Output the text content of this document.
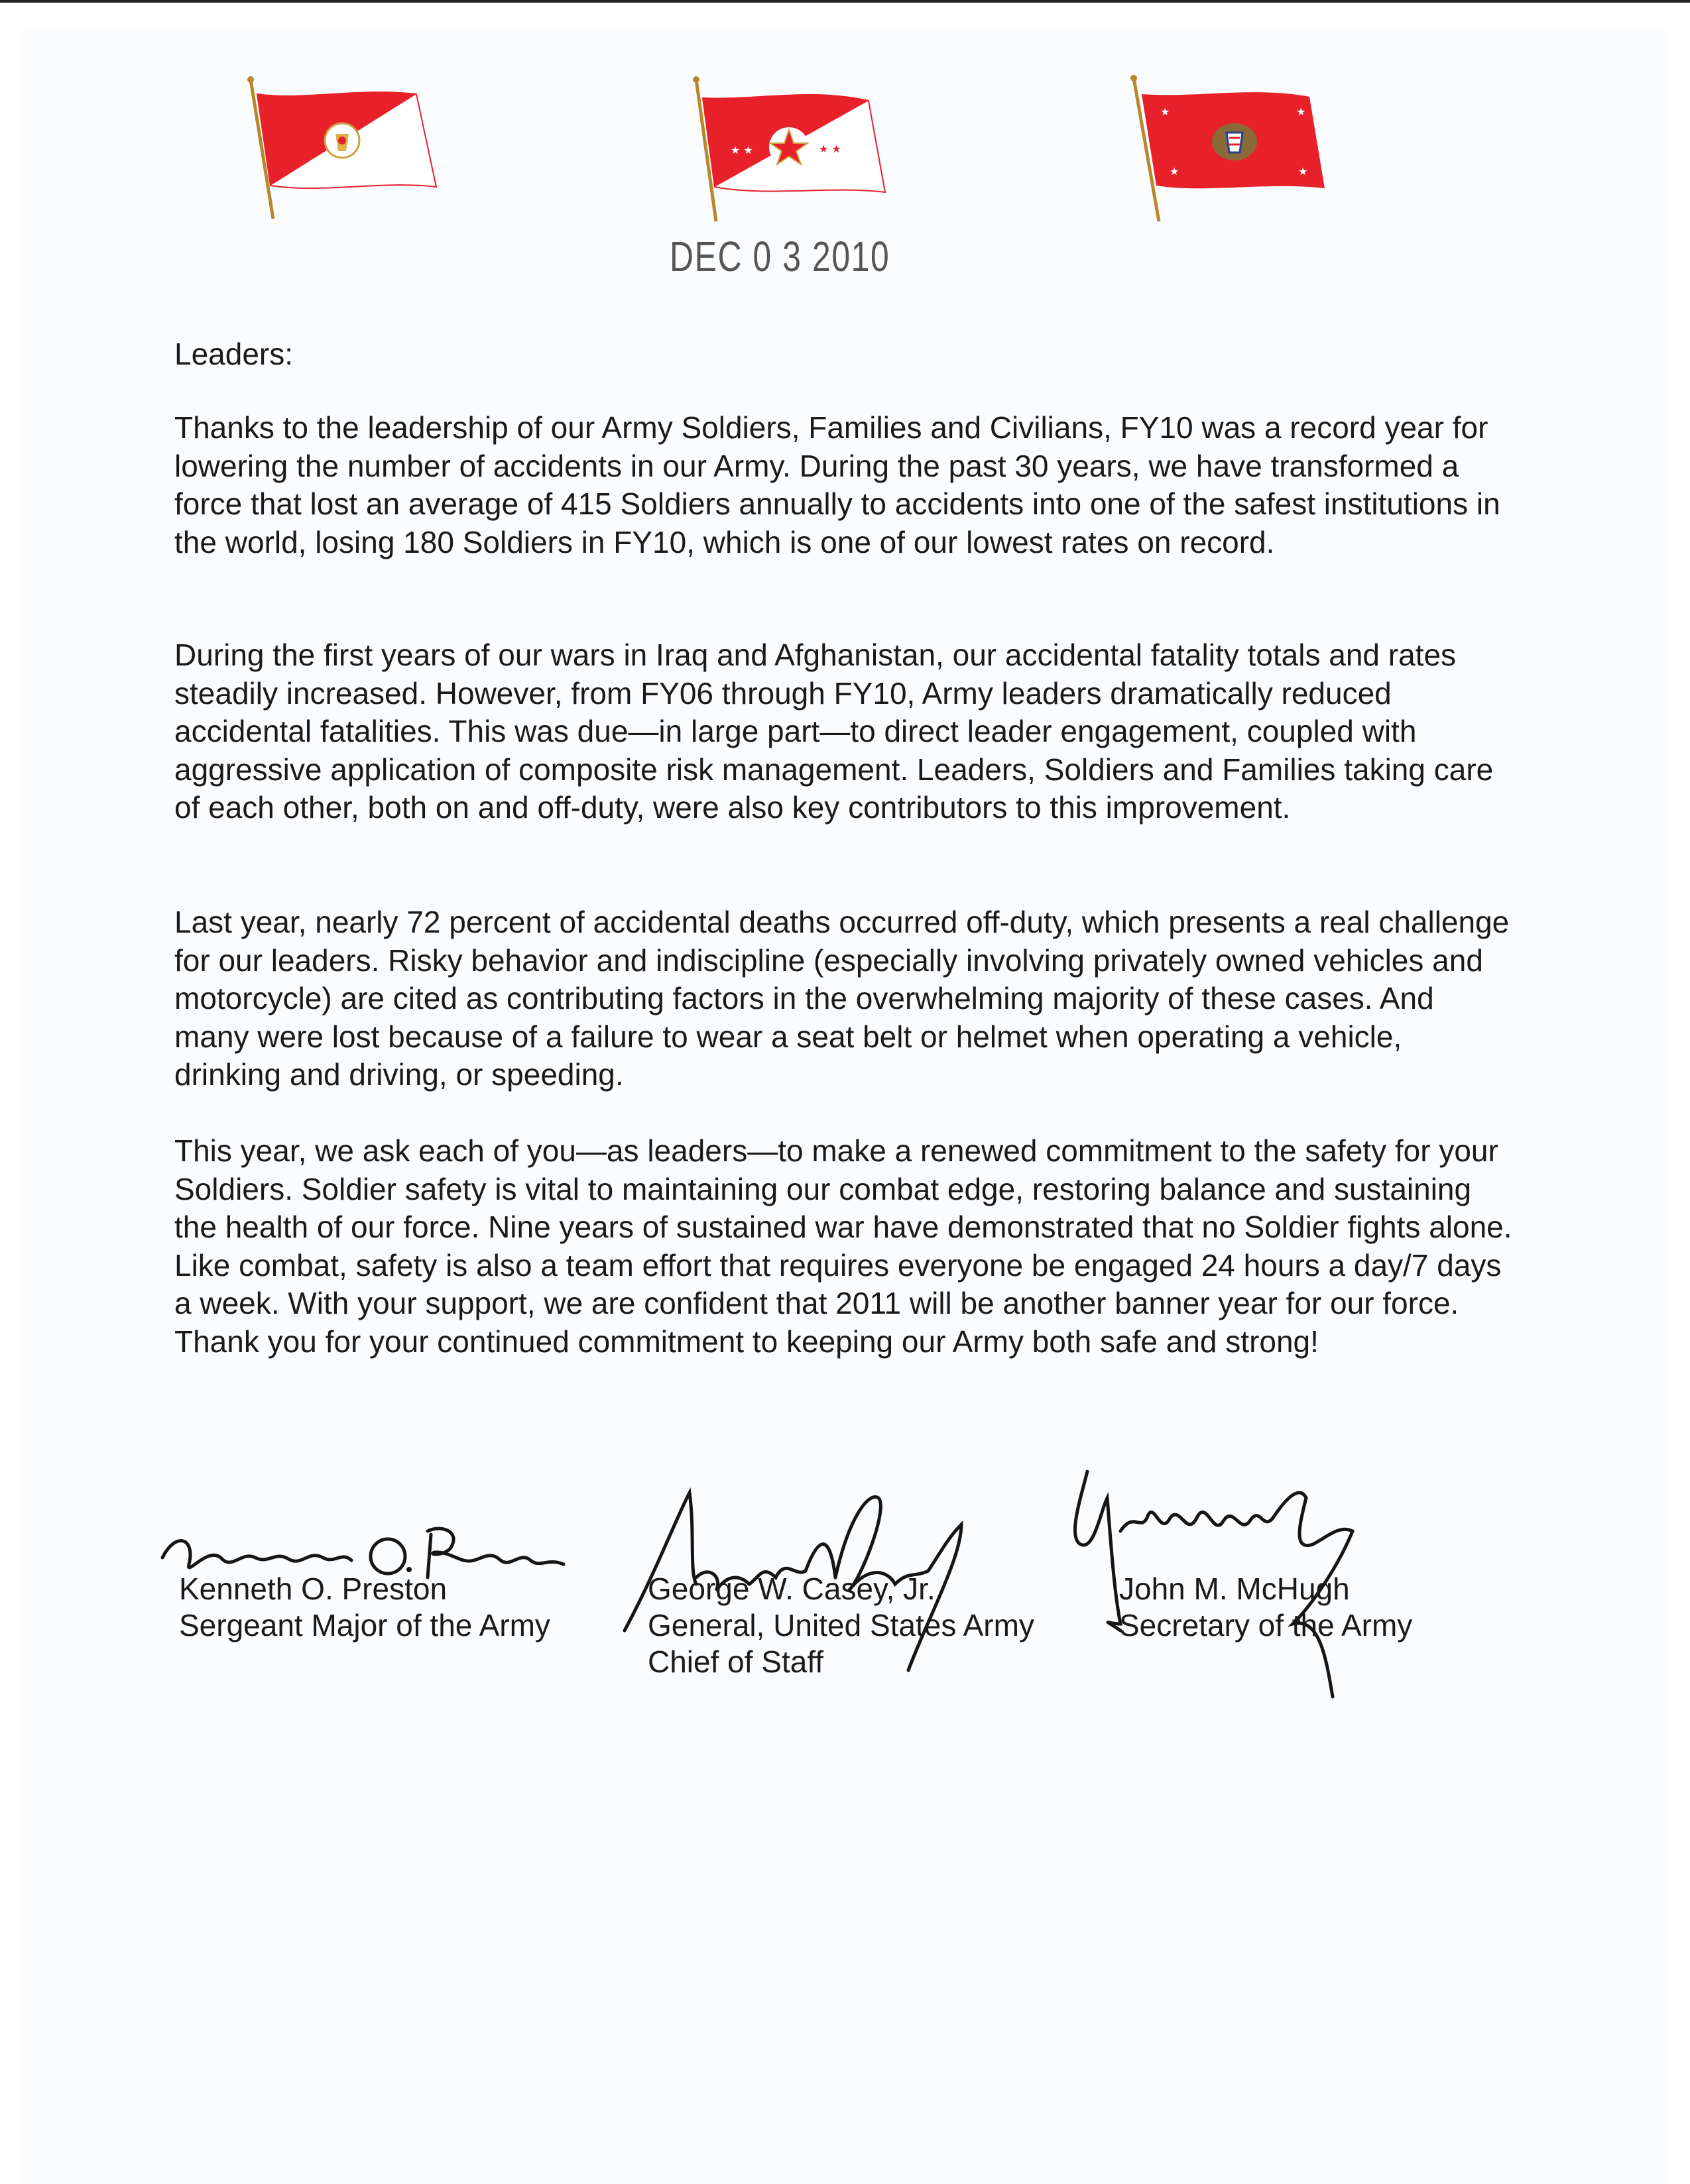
★ ★	★ ★
★	★
★	★
DEC 0 3 2010

Leaders:

Thanks to the leadership of our Army Soldiers, Families and Civilians, FY10 was a record year for lowering the number of accidents in our Army. During the past 30 years, we have transformed a force that lost an average of 415 Soldiers annually to accidents into one of the safest institutions in the world, losing 180 Soldiers in FY10, which is one of our lowest rates on record.

During the first years of our wars in Iraq and Afghanistan, our accidental fatality totals and rates steadily increased. However, from FY06 through FY10, Army leaders dramatically reduced accidental fatalities. This was due—in large part—to direct leader engagement, coupled with aggressive application of composite risk management. Leaders, Soldiers and Families taking care of each other, both on and off-duty, were also key contributors to this improvement.

Last year, nearly 72 percent of accidental deaths occurred off-duty, which presents a real challenge for our leaders. Risky behavior and indiscipline (especially involving privately owned vehicles and motorcycle) are cited as contributing factors in the overwhelming majority of these cases. And many were lost because of a failure to wear a seat belt or helmet when operating a vehicle, drinking and driving, or speeding.

This year, we ask each of you—as leaders—to make a renewed commitment to the safety for your Soldiers. Soldier safety is vital to maintaining our combat edge, restoring balance and sustaining the health of our force. Nine years of sustained war have demonstrated that no Soldier fights alone. Like combat, safety is also a team effort that requires everyone be engaged 24 hours a day/7 days a week. With your support, we are confident that 2011 will be another banner year for our force. Thank you for your continued commitment to keeping our Army both safe and strong!

Kenneth O. Preston
Sergeant Major of the Army
George W. Casey, Jr.
General, United States Army
Chief of Staff
John M. McHugh
Secretary of the Army
